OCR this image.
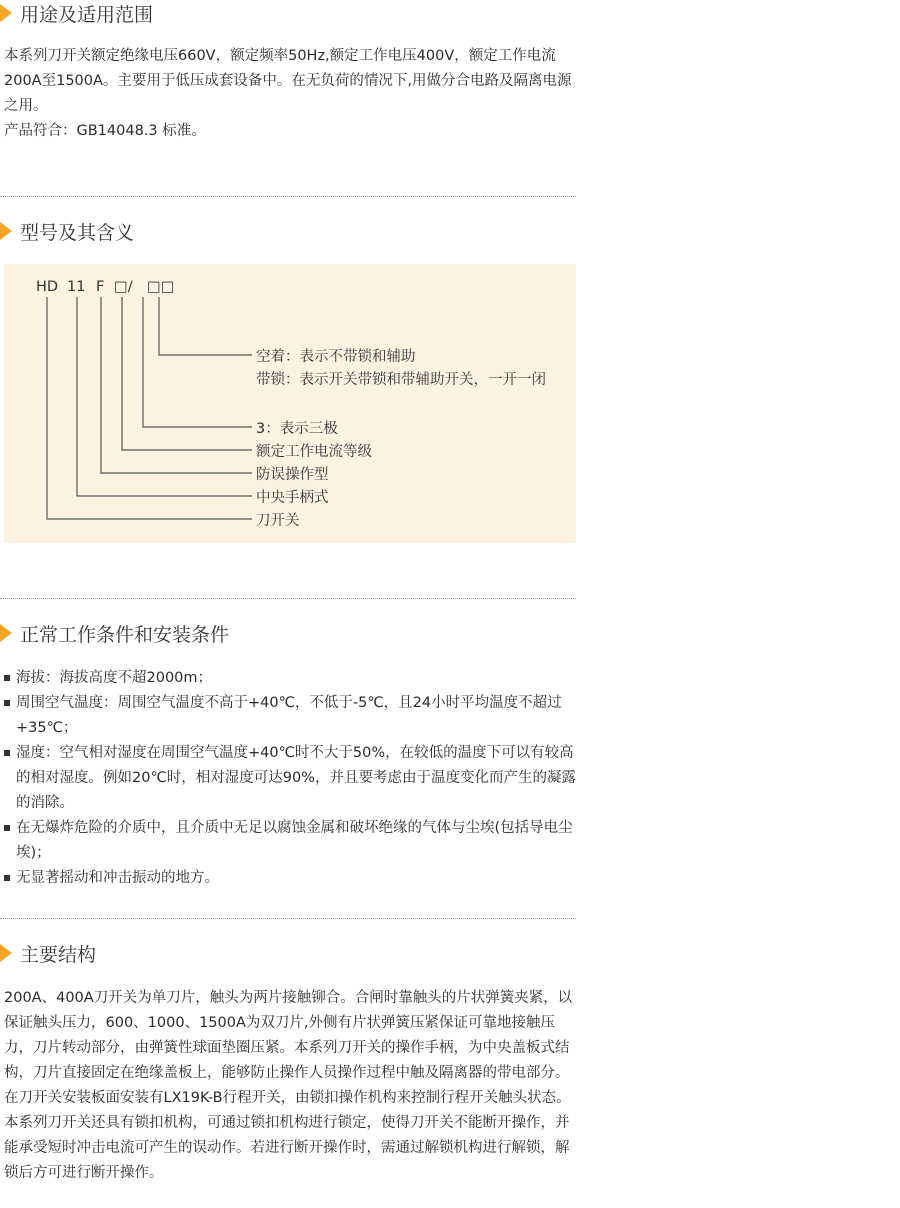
用途及适用范围

本系列刀开关额定绝缘电压660V，额定频率50Hz,额定工作电压400V，额定工作电流200A至1500A。主要用于低压成套设备中。在无负荷的情况下,用做分合电路及隔离电源之用。

产品符合：GB14048.3 标准。

型号及其含义
HD 11 F □/ □□
空着：表示不带锁和辅助
带锁：表示开关带锁和带辅助开关，一开一闭
3：表示三极
额定工作电流等级
防误操作型
中央手柄式
刀开关
正常工作条件和安装条件
海拔：海拔高度不超2000m；
周围空气温度：周围空气温度不高于+40℃，不低于-5℃，且24小时平均温度不超过+35℃；
湿度：空气相对湿度在周围空气温度+40℃时不大于50%，在较低的温度下可以有较高的相对湿度。例如20℃时，相对湿度可达90%，并且要考虑由于温度变化而产生的凝露的消除。
在无爆炸危险的介质中，且介质中无足以腐蚀金属和破坏绝缘的气体与尘埃(包括导电尘埃)；
无显著摇动和冲击振动的地方。
主要结构

200A、400A刀开关为单刀片，触头为两片接触铆合。合闸时靠触头的片状弹簧夹紧，以保证触头压力，600、1000、1500A为双刀片,外侧有片状弹簧压紧保证可靠地接触压力，刀片转动部分，由弹簧性球面垫圈压紧。本系列刀开关的操作手柄，为中央盖板式结构，刀片直接固定在绝缘盖板上，能够防止操作人员操作过程中触及隔离器的带电部分。在刀开关安装板面安装有LX19K-B行程开关，由锁扣操作机构来控制行程开关触头状态。

本系列刀开关还具有锁扣机构，可通过锁扣机构进行锁定，使得刀开关不能断开操作，并能承受短时冲击电流可产生的误动作。若进行断开操作时，需通过解锁机构进行解锁，解锁后方可进行断开操作。
